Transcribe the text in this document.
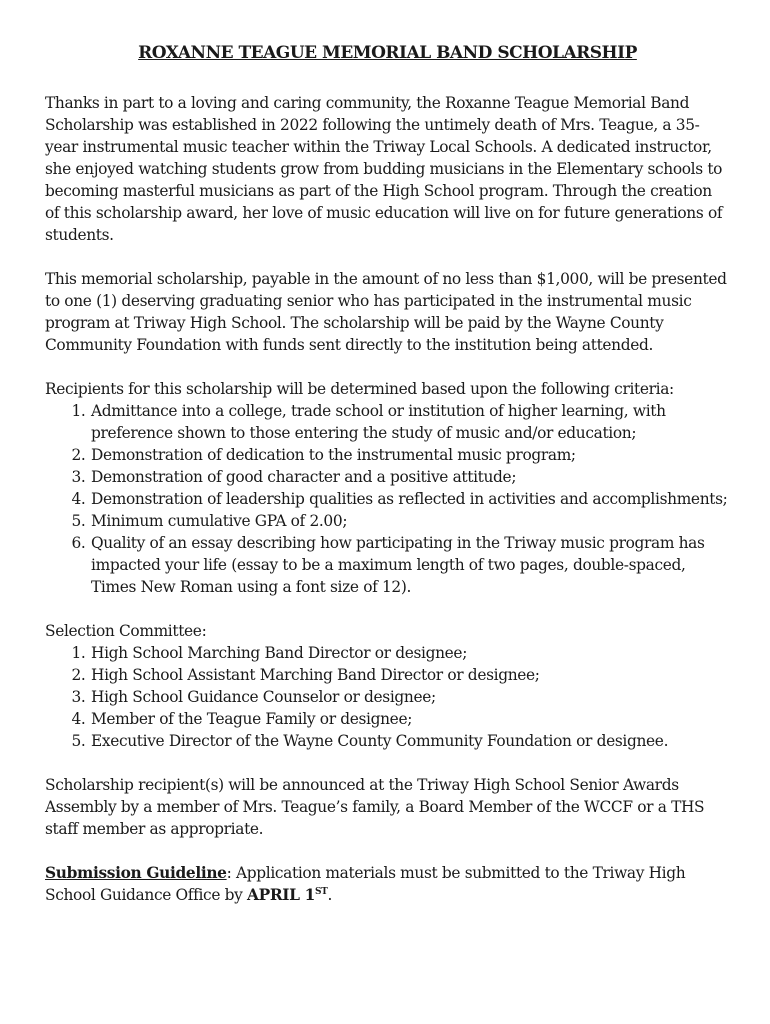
ROXANNE TEAGUE MEMORIAL BAND SCHOLARSHIP

Thanks in part to a loving and caring community, the Roxanne Teague Memorial Band Scholarship was established in 2022 following the untimely death of Mrs. Teague, a 35-year instrumental music teacher within the Triway Local Schools. A dedicated instructor, she enjoyed watching students grow from budding musicians in the Elementary schools to becoming masterful musicians as part of the High School program. Through the creation of this scholarship award, her love of music education will live on for future generations of students.

This memorial scholarship, payable in the amount of no less than $1,000, will be presented to one (1) deserving graduating senior who has participated in the instrumental music program at Triway High School. The scholarship will be paid by the Wayne County Community Foundation with funds sent directly to the institution being attended.

Recipients for this scholarship will be determined based upon the following criteria:
1. Admittance into a college, trade school or institution of higher learning, with preference shown to those entering the study of music and/or education;
2. Demonstration of dedication to the instrumental music program;
3. Demonstration of good character and a positive attitude;
4. Demonstration of leadership qualities as reflected in activities and accomplishments;
5. Minimum cumulative GPA of 2.00;
6. Quality of an essay describing how participating in the Triway music program has impacted your life (essay to be a maximum length of two pages, double-spaced, Times New Roman using a font size of 12).
Selection Committee:
1. High School Marching Band Director or designee;
2. High School Assistant Marching Band Director or designee;
3. High School Guidance Counselor or designee;
4. Member of the Teague Family or designee;
5. Executive Director of the Wayne County Community Foundation or designee.

Scholarship recipient(s) will be announced at the Triway High School Senior Awards Assembly by a member of Mrs. Teague’s family, a Board Member of the WCCF or a THS staff member as appropriate.

Submission Guideline: Application materials must be submitted to the Triway High School Guidance Office by APRIL 1ST.
